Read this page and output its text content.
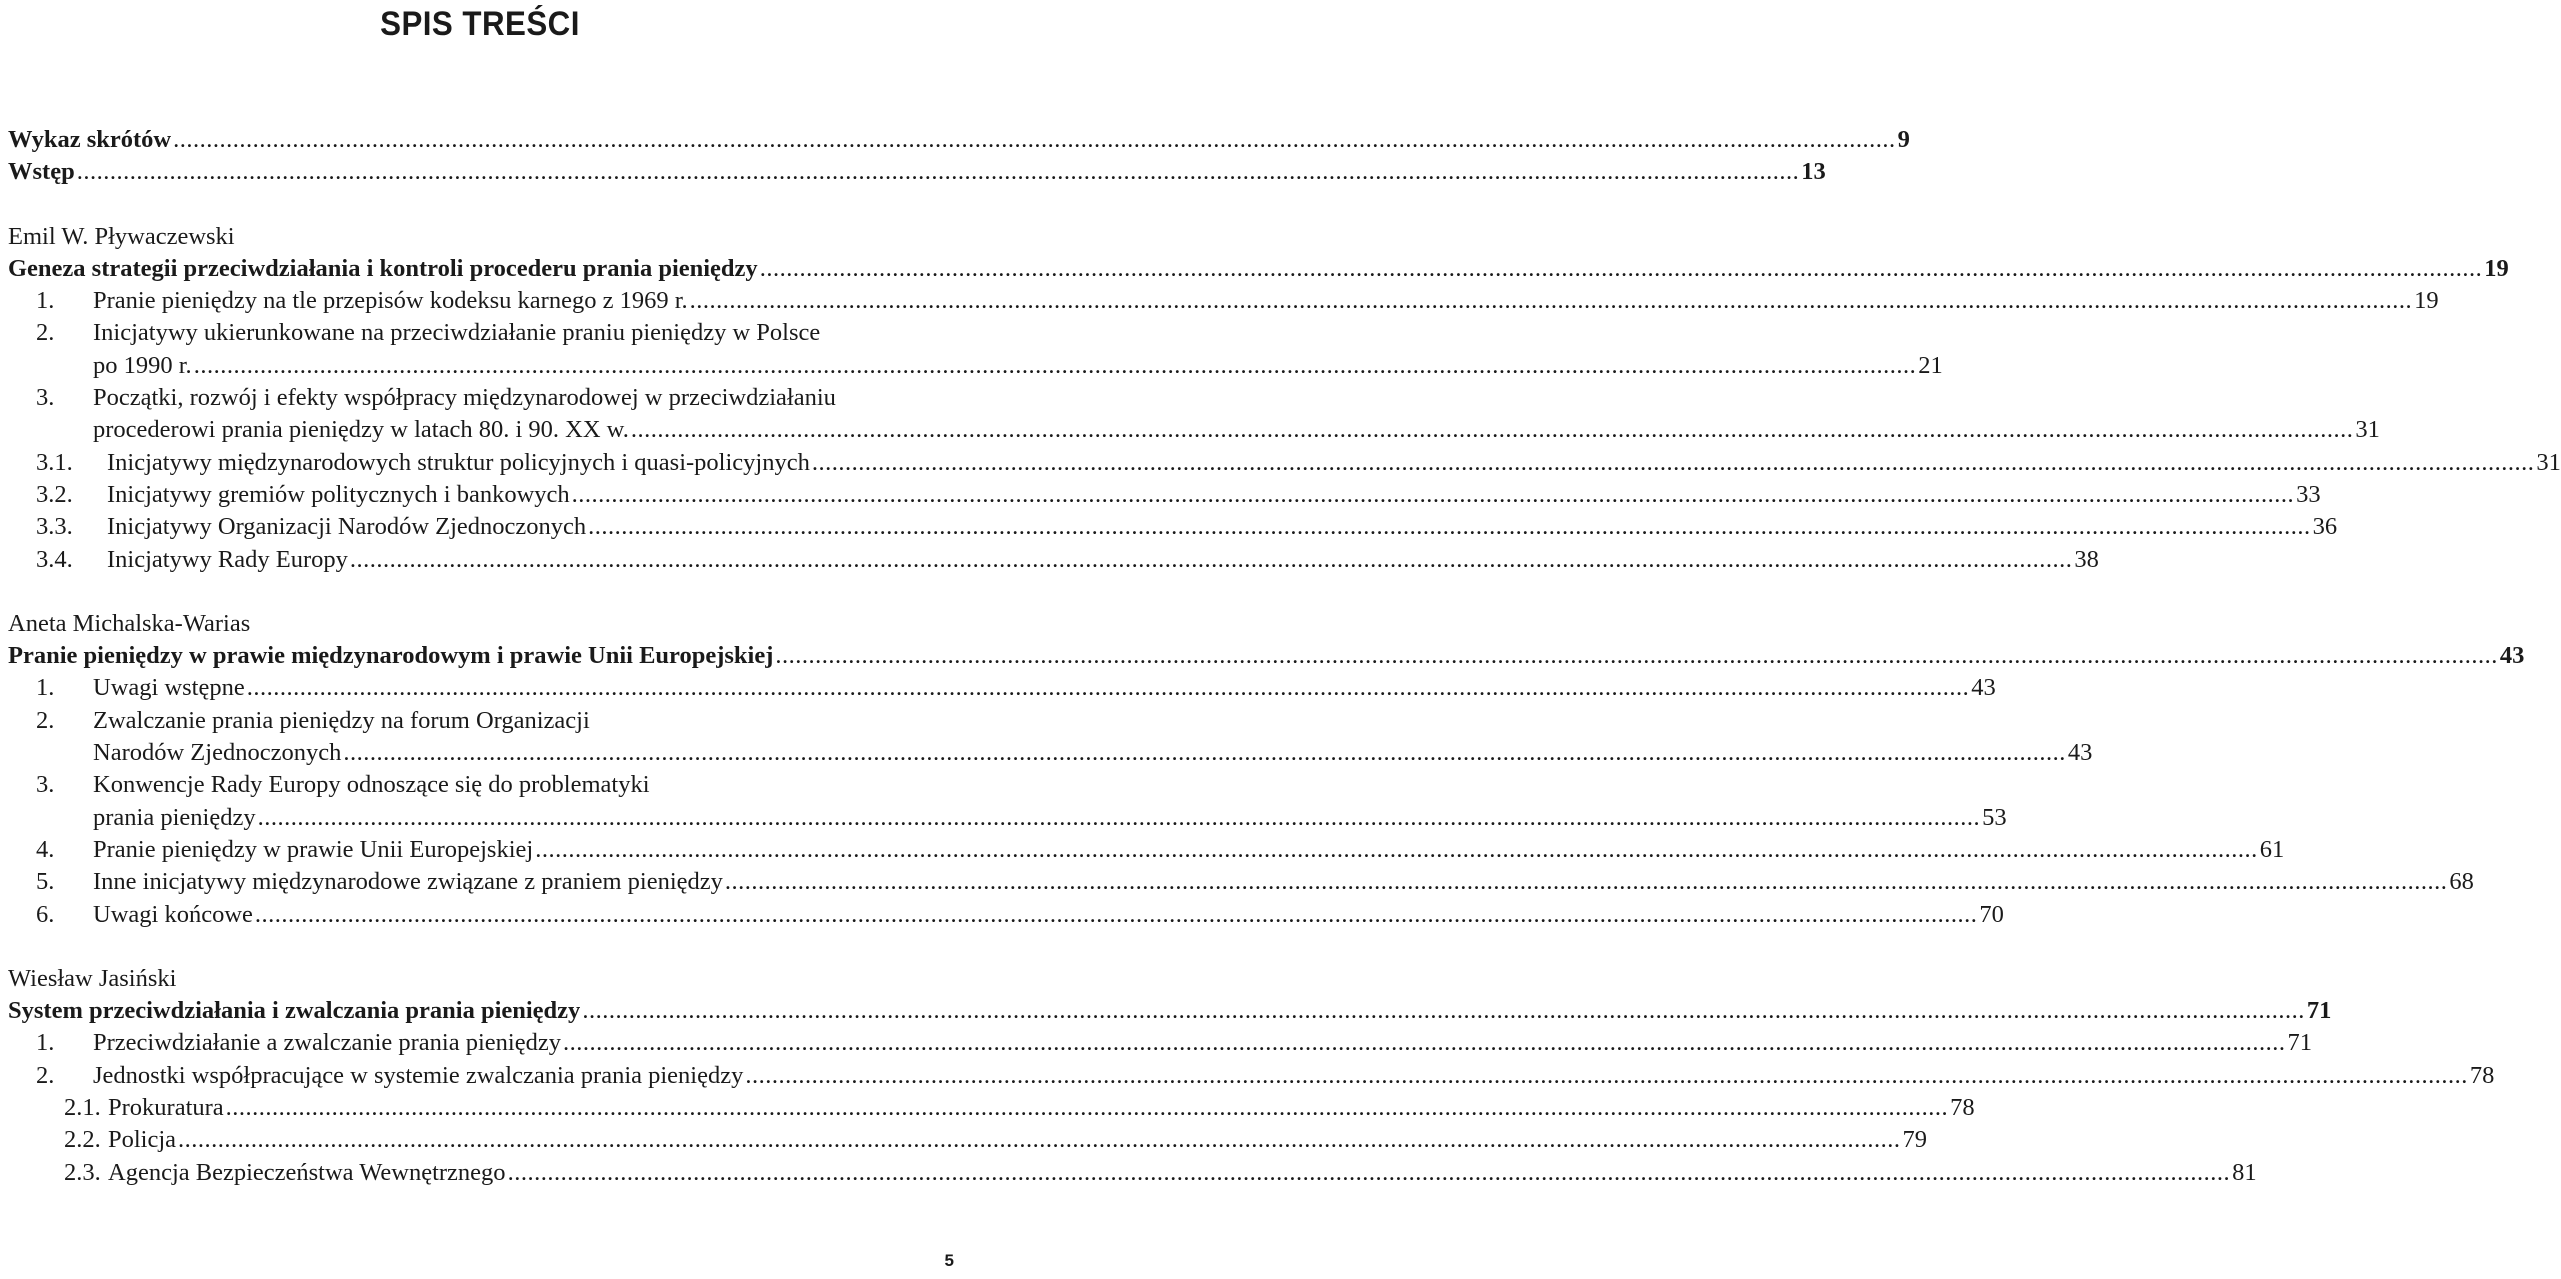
SPIS TREŚCI
Wykaz skrótów .....	9
Wstęp .....	13
Emil W. Pływaczewski
Geneza strategii przeciwdziałania i kontroli procederu prania pieniędzy .....	19
1.	Pranie pieniędzy na tle przepisów kodeksu karnego z 1969 r. .....	19
2.	Inicjatywy ukierunkowane na przeciwdziałanie praniu pieniędzy w Polsce
po 1990 r. .....	21
3.	Początki, rozwój i efekty współpracy międzynarodowej w przeciwdziałaniu
procederowi prania pieniędzy w latach 80. i 90. XX w. .....	31
3.1.	Inicjatywy międzynarodowych struktur policyjnych i quasi-policyjnych .....	31
3.2.	Inicjatywy gremiów politycznych i bankowych .....	33
3.3.	Inicjatywy Organizacji Narodów Zjednoczonych .....	36
3.4.	Inicjatywy Rady Europy .....	38
Aneta Michalska-Warias
Pranie pieniędzy w prawie międzynarodowym i prawie Unii Europejskiej .....	43
1.	Uwagi wstępne .....	43
2.	Zwalczanie prania pieniędzy na forum Organizacji
Narodów Zjednoczonych .....	43
3.	Konwencje Rady Europy odnoszące się do problematyki
prania pieniędzy .....	53
4.	Pranie pieniędzy w prawie Unii Europejskiej .....	61
5.	Inne inicjatywy międzynarodowe związane z praniem pieniędzy .....	68
6.	Uwagi końcowe .....	70
Wiesław Jasiński
System przeciwdziałania i zwalczania prania pieniędzy .....	71
1.	Przeciwdziałanie a zwalczanie prania pieniędzy .....	71
2.	Jednostki współpracujące w systemie zwalczania prania pieniędzy .....	78
2.1. Prokuratura .....	78
2.2. Policja .....	79
2.3. Agencja Bezpieczeństwa Wewnętrznego .....	81
5
